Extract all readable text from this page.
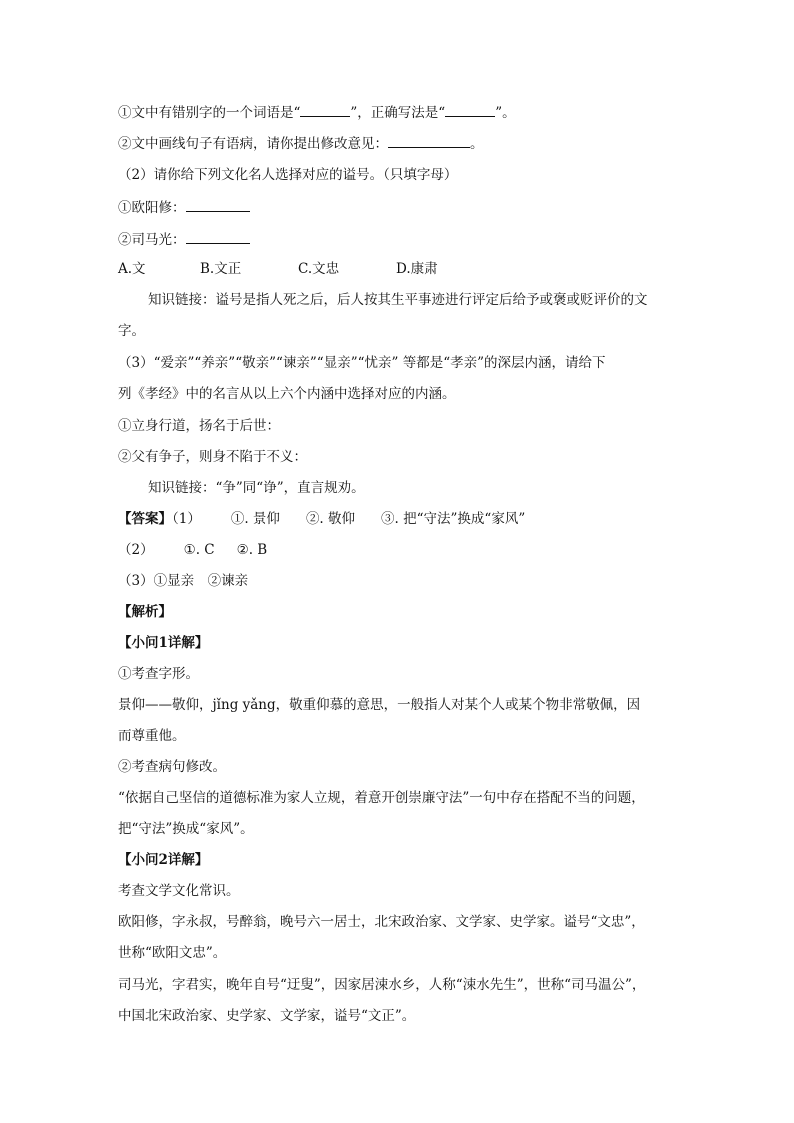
①文中有错别字的一个词语是“	”，正确写法是“	”。
②文中画线句子有语病，请你提出修改意见：	。
（2）请你给下列文化名人选择对应的谥号。（只填字母）
①欧阳修：
②司马光：
A.文	B.文正	C.文忠	D.康肃
知识链接：谥号是指人死之后，后人按其生平事迹进行评定后给予或褒或贬评价的文
字。
（3）“爱亲”“养亲”“敬亲”“谏亲”“显亲”“忧亲” 等都是“孝亲”的深层内涵，请给下
列《孝经》中的名言从以上六个内涵中选择对应的内涵。
①立身行道，扬名于后世：
②父有争子，则身不陷于不义：
知识链接：“争”同“诤”，直言规劝。
【答案】（1） ①. 景仰 ②. 敬仰 ③. 把“守法”换成“家风”
（2） ①. C ②. B
（3）①显亲　②谏亲
【解析】
【小问1详解】
①考查字形。
景仰——敬仰，jǐng yǎng，敬重仰慕的意思，一般指人对某个人或某个物非常敬佩，因
而尊重他。
②考查病句修改。
“依据自己坚信的道德标准为家人立规，着意开创崇廉守法”一句中存在搭配不当的问题，
把“守法”换成“家风”。
【小问2详解】
考查文学文化常识。
欧阳修，字永叔，号醉翁，晚号六一居士，北宋政治家、文学家、史学家。谥号“文忠”，
世称“欧阳文忠”。
司马光，字君实，晚年自号“迂叟”，因家居涑水乡，人称“涑水先生”，世称“司马温公”，
中国北宋政治家、史学家、文学家，谥号“文正”。
